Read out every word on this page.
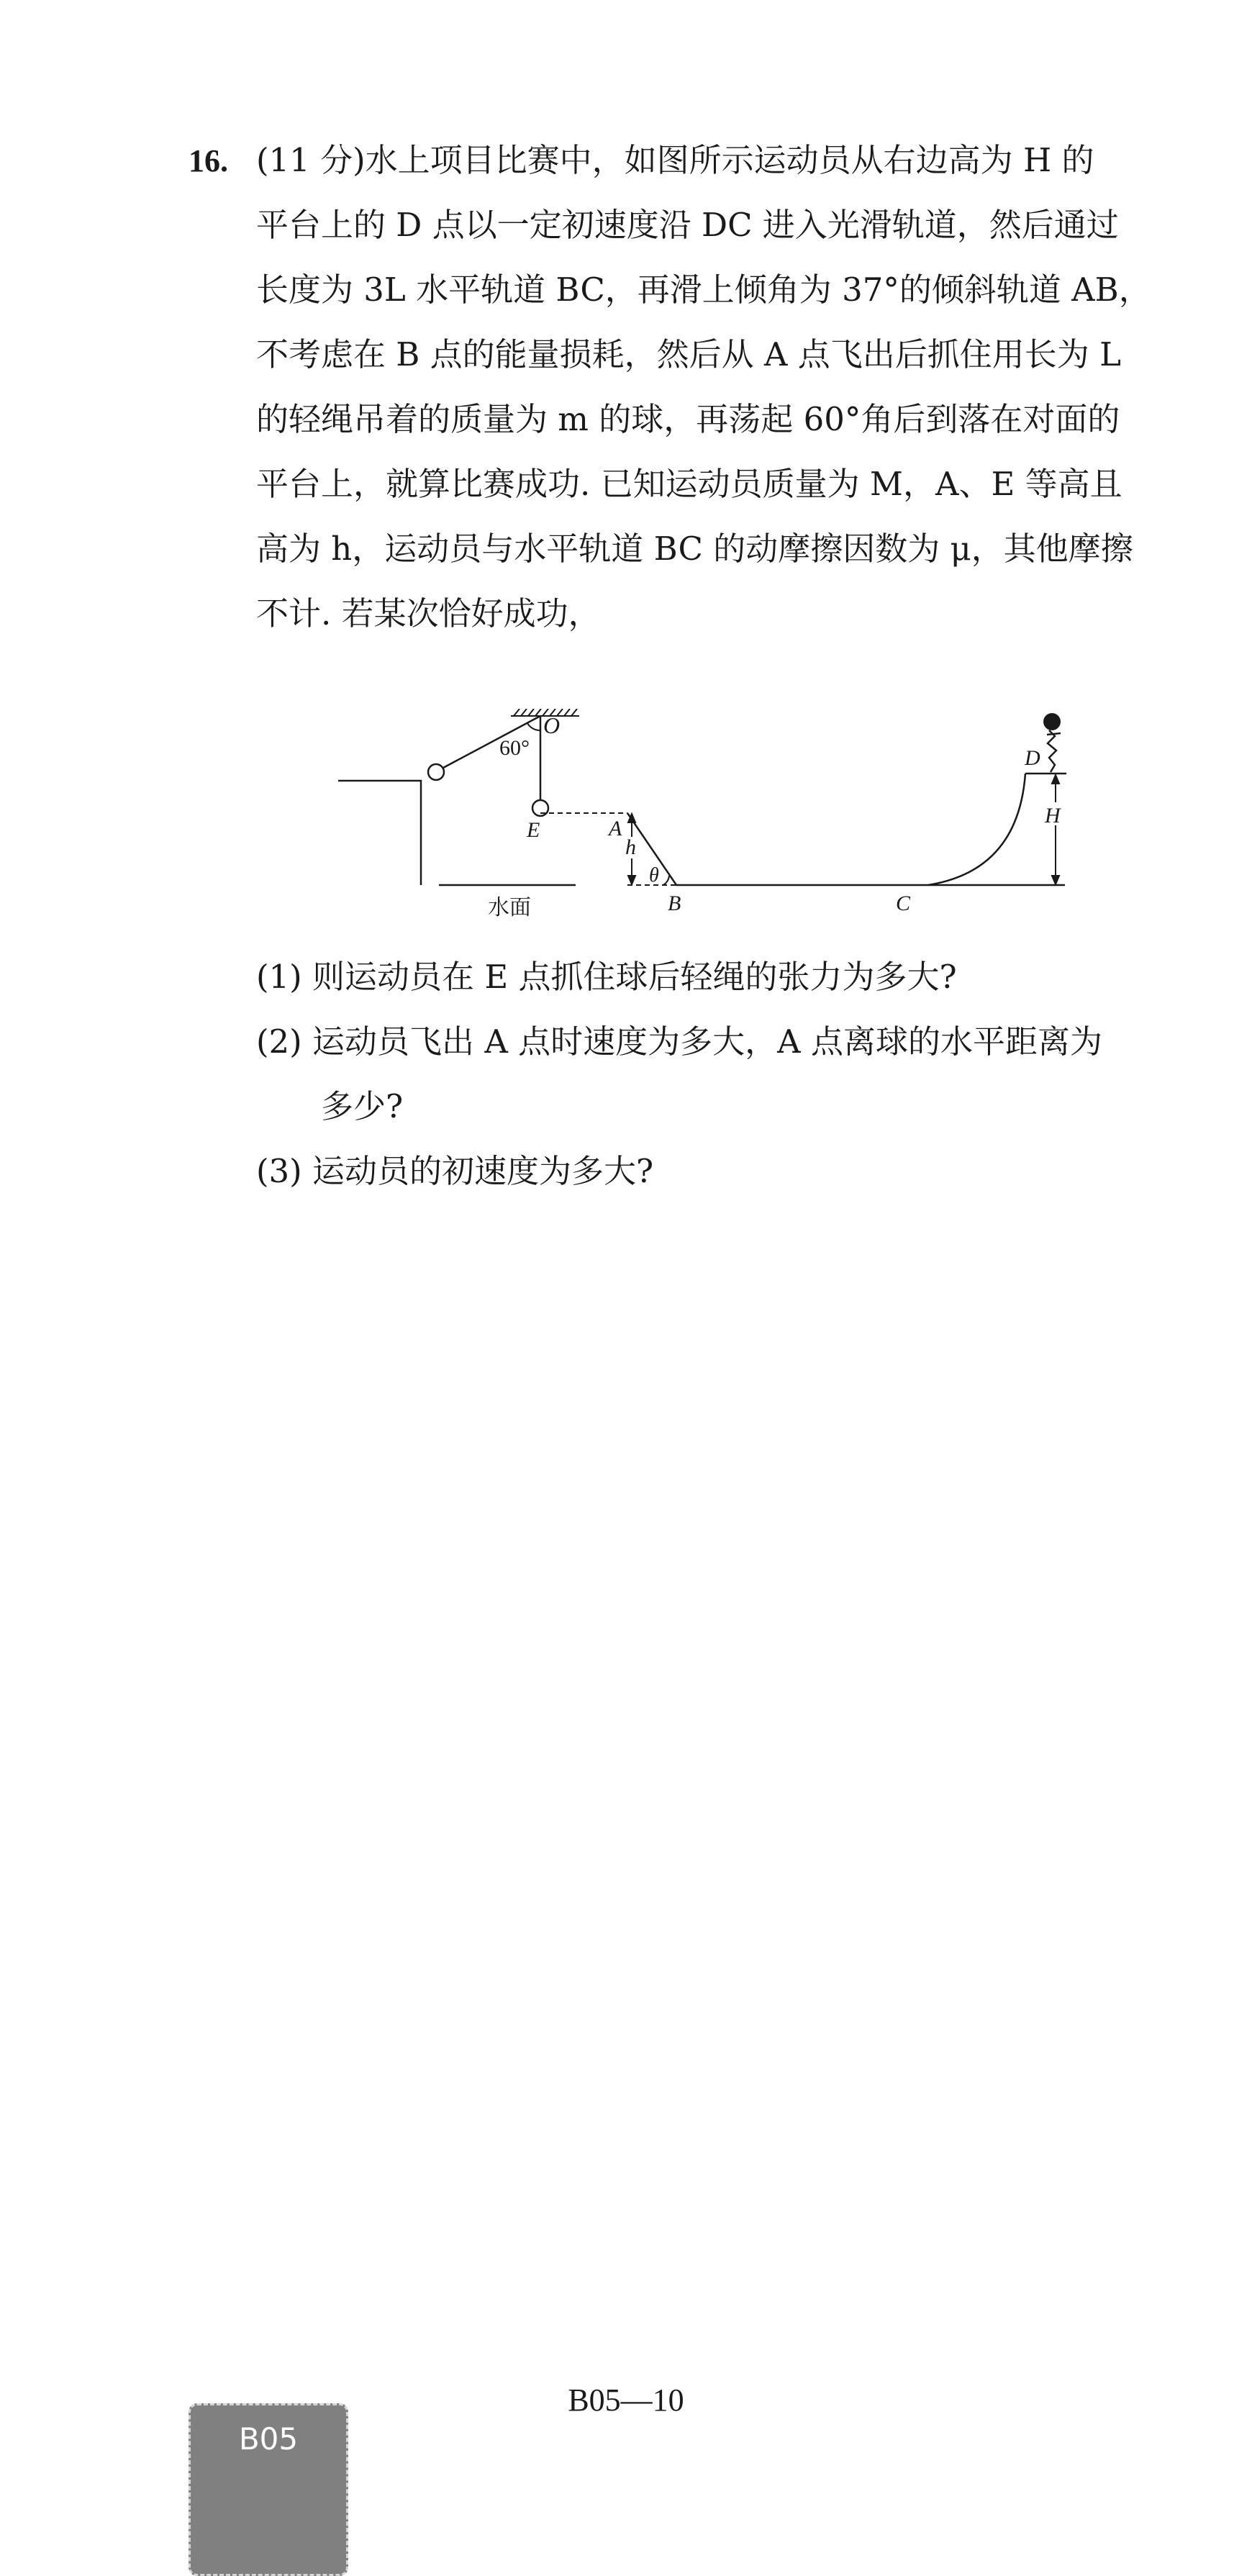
16. (11 分)水上项目比赛中，如图所示运动员从右边高为 H 的
平台上的 D 点以一定初速度沿 DC 进入光滑轨道，然后通过
长度为 3L 水平轨道 BC，再滑上倾角为 37°的倾斜轨道 AB，
不考虑在 B 点的能量损耗，然后从 A 点飞出后抓住用长为 L
的轻绳吊着的质量为 m 的球，再荡起 60°角后到落在对面的
平台上，就算比赛成功. 已知运动员质量为 M，A、E 等高且
高为 h，运动员与水平轨道 BC 的动摩擦因数为 μ，其他摩擦
不计. 若某次恰好成功，
O
60°
E	A
h
θ
B	C
D
H
水面
(1) 则运动员在 E 点抓住球后轻绳的张力为多大?
(2) 运动员飞出 A 点时速度为多大，A 点离球的水平距离为
多少?
(3) 运动员的初速度为多大?
B05—10
B05
